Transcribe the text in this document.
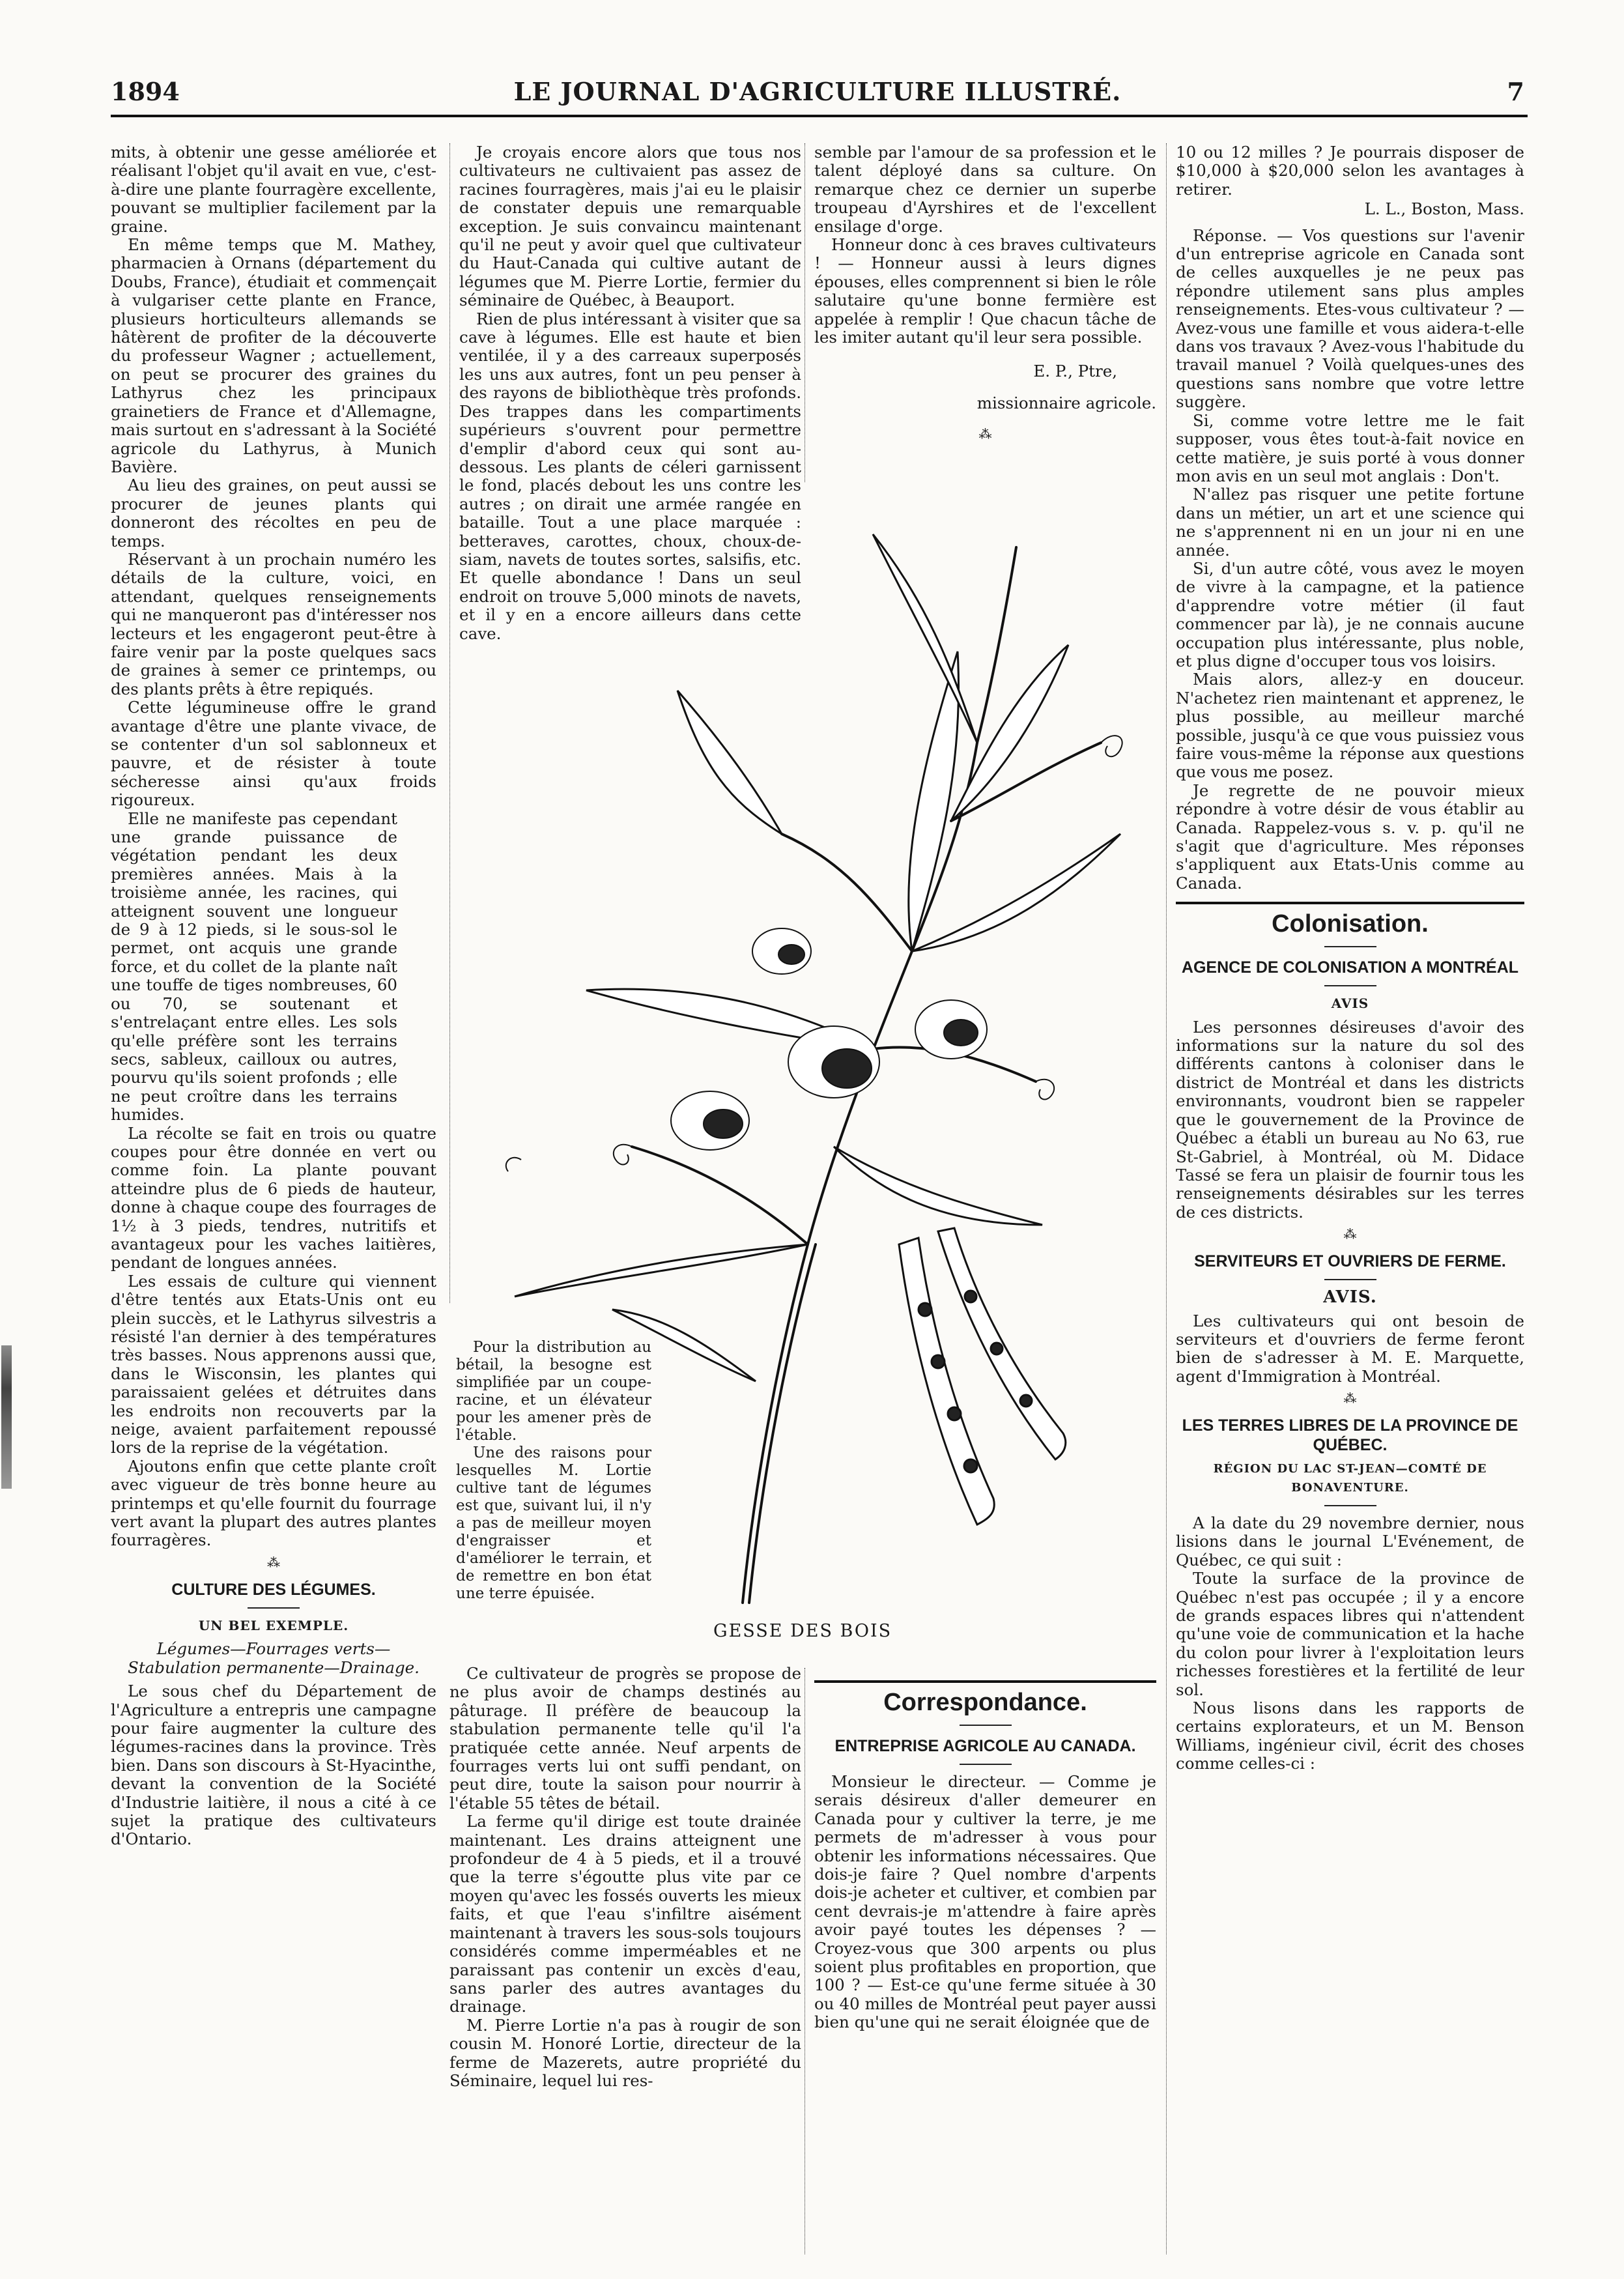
1894	LE JOURNAL D'AGRICULTURE ILLUSTRÉ.	7

mits, à obtenir une gesse améliorée et réalisant l'objet qu'il avait en vue, c'est-à-dire une plante fourragère excellente, pouvant se multiplier facilement par la graine.

En même temps que M. Mathey, pharmacien à Ornans (département du Doubs, France), étudiait et commençait à vulgariser cette plante en France, plusieurs horticulteurs allemands se hâtèrent de profiter de la découverte du professeur Wagner ; actuellement, on peut se procurer des graines du Lathyrus chez les principaux grainetiers de France et d'Allemagne, mais surtout en s'adressant à la Société agricole du Lathyrus, à Munich Bavière.

Au lieu des graines, on peut aussi se procurer de jeunes plants qui donneront des récoltes en peu de temps.

Réservant à un prochain numéro les détails de la culture, voici, en attendant, quelques renseignements qui ne manqueront pas d'intéresser nos lecteurs et les engageront peut-être à faire venir par la poste quelques sacs de graines à semer ce printemps, ou des plants prêts à être repiqués.

Cette légumineuse offre le grand avantage d'être une plante vivace, de se contenter d'un sol sablonneux et pauvre, et de résister à toute sécheresse ainsi qu'aux froids rigoureux.

Elle ne manifeste pas cependant une grande puissance de végétation pendant les deux premières années. Mais à la troisième année, les racines, qui atteignent souvent une longueur de 9 à 12 pieds, si le sous-sol le permet, ont acquis une grande force, et du collet de la plante naît une touffe de tiges nombreuses, 60 ou 70, se soutenant et s'entrelaçant entre elles. Les sols qu'elle préfère sont les terrains secs, sableux, cailloux ou autres, pourvu qu'ils soient profonds ; elle ne peut croître dans les terrains humides.

La récolte se fait en trois ou quatre coupes pour être donnée en vert ou comme foin. La plante pouvant atteindre plus de 6 pieds de hauteur, donne à chaque coupe des fourrages de 1½ à 3 pieds, tendres, nutritifs et avantageux pour les vaches laitières, pendant de longues années.

Les essais de culture qui viennent d'être tentés aux Etats-Unis ont eu plein succès, et le Lathyrus silvestris a résisté l'an dernier à des températures très basses. Nous apprenons aussi que, dans le Wisconsin, les plantes qui paraissaient gelées et détruites dans les endroits non recouverts par la neige, avaient parfaitement repoussé lors de la reprise de la végétation.

Ajoutons enfin que cette plante croît avec vigueur de très bonne heure au printemps et qu'elle fournit du fourrage vert avant la plupart des autres plantes fourragères.

⁂
CULTURE DES LÉGUMES.
UN BEL EXEMPLE.

Légumes—Fourrages verts—Stabulation permanente—Drainage.

Le sous chef du Département de l'Agriculture a entrepris une campagne pour faire augmenter la culture des légumes-racines dans la province. Très bien. Dans son discours à St-Hyacinthe, devant la convention de la Société d'Industrie laitière, il nous a cité à ce sujet la pratique des cultivateurs d'Ontario.

Je croyais encore alors que tous nos cultivateurs ne cultivaient pas assez de racines fourragères, mais j'ai eu le plaisir de constater depuis une remarquable exception. Je suis convaincu maintenant qu'il ne peut y avoir quel que cultivateur du Haut-Canada qui cultive autant de légumes que M. Pierre Lortie, fermier du séminaire de Québec, à Beauport.

Rien de plus intéressant à visiter que sa cave à légumes. Elle est haute et bien ventilée, il y a des carreaux superposés les uns aux autres, font un peu penser à des rayons de bibliothèque très profonds. Des trappes dans les compartiments supérieurs s'ouvrent pour permettre d'emplir d'abord ceux qui sont au-dessous. Les plants de céleri garnissent le fond, placés debout les uns contre les autres ; on dirait une armée rangée en bataille. Tout a une place marquée : betteraves, carottes, choux, choux-de-siam, navets de toutes sortes, salsifis, etc. Et quelle abondance ! Dans un seul endroit on trouve 5,000 minots de navets, et il y en a encore ailleurs dans cette cave.

Pour la distribution au bétail, la besogne est simplifiée par un coupe-racine, et un élévateur pour les amener près de l'étable.

Une des raisons pour lesquelles M. Lortie cultive tant de légumes est que, suivant lui, il n'y a pas de meilleur moyen d'engraisser et d'améliorer le terrain, et de remettre en bon état une terre épuisée.

Ce cultivateur de progrès se propose de ne plus avoir de champs destinés au pâturage. Il préfère de beaucoup la stabulation permanente telle qu'il l'a pratiquée cette année. Neuf arpents de fourrages verts lui ont suffi pendant, on peut dire, toute la saison pour nourrir à l'étable 55 têtes de bétail.

La ferme qu'il dirige est toute drainée maintenant. Les drains atteignent une profondeur de 4 à 5 pieds, et il a trouvé que la terre s'égoutte plus vite par ce moyen qu'avec les fossés ouverts les mieux faits, et que l'eau s'infiltre aisément maintenant à travers les sous-sols toujours considérés comme imperméables et ne paraissant pas contenir un excès d'eau, sans parler des autres avantages du drainage.

M. Pierre Lortie n'a pas à rougir de son cousin M. Honoré Lortie, directeur de la ferme de Mazerets, autre propriété du Séminaire, lequel lui res-

semble par l'amour de sa profession et le talent déployé dans sa culture. On remarque chez ce dernier un superbe troupeau d'Ayrshires et de l'excellent ensilage d'orge.

Honneur donc à ces braves cultivateurs ! — Honneur aussi à leurs dignes épouses, elles comprennent si bien le rôle salutaire qu'une bonne fermière est appelée à remplir ! Que chacun tâche de les imiter autant qu'il leur sera possible.

E. P., Ptre,

missionnaire agricole.

⁂
Correspondance.
ENTREPRISE AGRICOLE AU CANADA.

Monsieur le directeur. — Comme je serais désireux d'aller demeurer en Canada pour y cultiver la terre, je me permets de m'adresser à vous pour obtenir les informations nécessaires. Que dois-je faire ? Quel nombre d'arpents dois-je acheter et cultiver, et combien par cent devrais-je m'attendre à faire après avoir payé toutes les dépenses ? — Croyez-vous que 300 arpents ou plus soient plus profitables en proportion, que 100 ? — Est-ce qu'une ferme située à 30 ou 40 milles de Montréal peut payer aussi bien qu'une qui ne serait éloignée que de

10 ou 12 milles ? Je pourrais disposer de $10,000 à $20,000 selon les avantages à retirer.

L. L., Boston, Mass.

Réponse. — Vos questions sur l'avenir d'un entreprise agricole en Canada sont de celles auxquelles je ne peux pas répondre utilement sans plus amples renseignements. Etes-vous cultivateur ? — Avez-vous une famille et vous aidera-t-elle dans vos travaux ? Avez-vous l'habitude du travail manuel ? Voilà quelques-unes des questions sans nombre que votre lettre suggère.

Si, comme votre lettre me le fait supposer, vous êtes tout-à-fait novice en cette matière, je suis porté à vous donner mon avis en un seul mot anglais : Don't.

N'allez pas risquer une petite fortune dans un métier, un art et une science qui ne s'apprennent ni en un jour ni en une année.

Si, d'un autre côté, vous avez le moyen de vivre à la campagne, et la patience d'apprendre votre métier (il faut commencer par là), je ne connais aucune occupation plus intéressante, plus noble, et plus digne d'occuper tous vos loisirs.

Mais alors, allez-y en douceur. N'achetez rien maintenant et apprenez, le plus possible, au meilleur marché possible, jusqu'à ce que vous puissiez vous faire vous-même la réponse aux questions que vous me posez.

Je regrette de ne pouvoir mieux répondre à votre désir de vous établir au Canada. Rappelez-vous s. v. p. qu'il ne s'agit que d'agriculture. Mes réponses s'appliquent aux Etats-Unis comme au Canada.

Colonisation.
AGENCE DE COLONISATION A MONTRÉAL
AVIS

Les personnes désireuses d'avoir des informations sur la nature du sol des différents cantons à coloniser dans le district de Montréal et dans les districts environnants, voudront bien se rappeler que le gouvernement de la Province de Québec a établi un bureau au No 63, rue St-Gabriel, à Montréal, où M. Didace Tassé se fera un plaisir de fournir tous les renseignements désirables sur les terres de ces districts.

⁂
SERVITEURS ET OUVRIERS DE FERME.
AVIS.

Les cultivateurs qui ont besoin de serviteurs et d'ouvriers de ferme feront bien de s'adresser à M. E. Marquette, agent d'Immigration à Montréal.

⁂
LES TERRES LIBRES DE LA PROVINCE DE QUÉBEC.
RÉGION DU LAC ST-JEAN—COMTÉ DE BONAVENTURE.

A la date du 29 novembre dernier, nous lisions dans le journal L'Evénement, de Québec, ce qui suit :

Toute la surface de la province de Québec n'est pas occupée ; il y a encore de grands espaces libres qui n'attendent qu'une voie de communication et la hache du colon pour livrer à l'exploitation leurs richesses forestières et la fertilité de leur sol.

Nous lisons dans les rapports de certains explorateurs, et un M. Benson Williams, ingénieur civil, écrit des choses comme celles-ci :

GESSE DES BOIS
